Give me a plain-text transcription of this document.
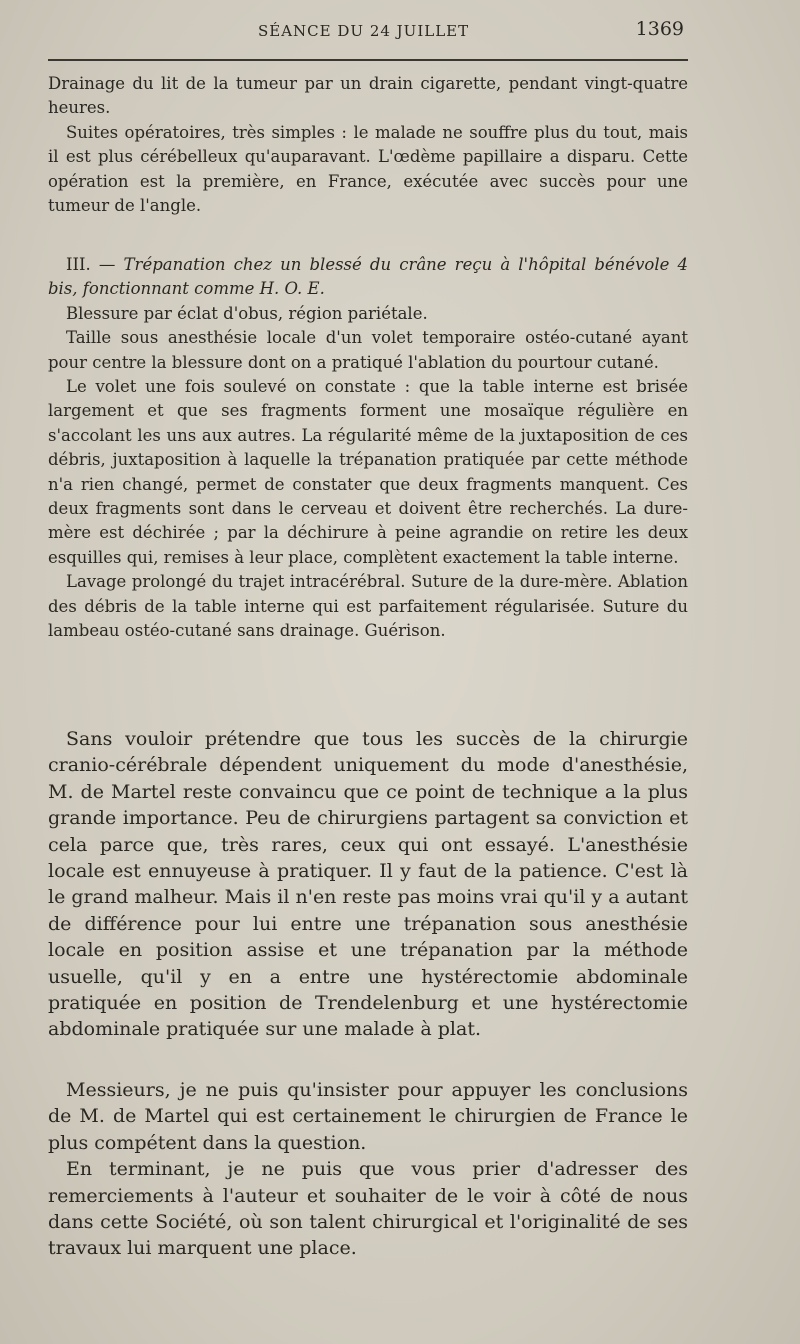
SÉANCE DU 24 JUILLET	1369

Drainage du lit de la tumeur par un drain cigarette, pendant vingt-quatre heures.

Suites opératoires, très simples : le malade ne souffre plus du tout, mais il est plus cérébelleux qu'auparavant. L'œdème papillaire a disparu. Cette opération est la première, en France, exécutée avec succès pour une tumeur de l'angle.

III. — Trépanation chez un blessé du crâne reçu à l'hôpital bénévole 4 bis, fonctionnant comme H. O. E.

Blessure par éclat d'obus, région pariétale.

Taille sous anesthésie locale d'un volet temporaire ostéo-cutané ayant pour centre la blessure dont on a pratiqué l'ablation du pourtour cutané.

Le volet une fois soulevé on constate : que la table interne est brisée largement et que ses fragments forment une mosaïque régulière en s'accolant les uns aux autres. La régularité même de la juxtaposition de ces débris, juxtaposition à laquelle la trépanation pratiquée par cette méthode n'a rien changé, permet de constater que deux fragments manquent. Ces deux fragments sont dans le cerveau et doivent être recherchés. La dure-mère est déchirée ; par la déchirure à peine agrandie on retire les deux esquilles qui, remises à leur place, complètent exactement la table interne.

Lavage prolongé du trajet intracérébral. Suture de la dure-mère. Ablation des débris de la table interne qui est parfaitement régularisée. Suture du lambeau ostéo-cutané sans drainage. Guérison.

Sans vouloir prétendre que tous les succès de la chirurgie cranio-cérébrale dépendent uniquement du mode d'anesthésie, M. de Martel reste convaincu que ce point de technique a la plus grande importance. Peu de chirurgiens partagent sa conviction et cela parce que, très rares, ceux qui ont essayé. L'anesthésie locale est ennuyeuse à pratiquer. Il y faut de la patience. C'est là le grand malheur. Mais il n'en reste pas moins vrai qu'il y a autant de différence pour lui entre une trépanation sous anesthésie locale en position assise et une trépanation par la méthode usuelle, qu'il y en a entre une hystérectomie abdominale pratiquée en position de Trendelenburg et une hystérectomie abdominale pratiquée sur une malade à plat.

Messieurs, je ne puis qu'insister pour appuyer les conclusions de M. de Martel qui est certainement le chirurgien de France le plus compétent dans la question.

En terminant, je ne puis que vous prier d'adresser des remerciements à l'auteur et souhaiter de le voir à côté de nous dans cette Société, où son talent chirurgical et l'originalité de ses travaux lui marquent une place.
